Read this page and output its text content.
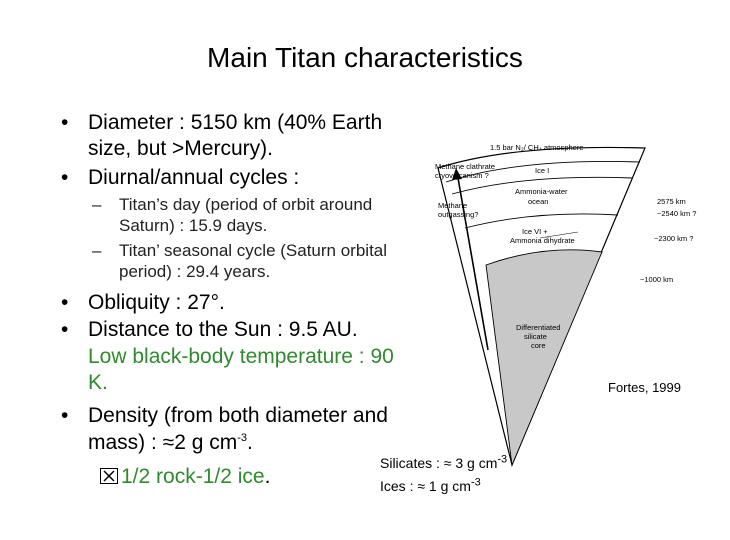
Main Titan characteristics
• Diameter : 5150 km (40% Earth
size, but >Mercury).
• Diurnal/annual cycles :
– Titan’s day (period of orbit around
Saturn) : 15.9 days.
– Titan’ seasonal cycle (Saturn orbital
period) : 29.4 years.
• Obliquity : 27°.
• Distance to the Sun : 9.5 AU.
Low black-body temperature : 90
K.
• Density (from both diameter and
mass) : ≈2 g $cm^{-3}$.
1/2 rock-1/2 ice.
Silicates : ≈ 3 g $cm^{-3}$
Ices : ≈ 1 g $cm^{-3}$
1.5 bar N₂/ CH₄ atmosphere
Methane clathrate
cryovolcanism ?
Ice I
Ammonia-water
ocean
Methane
outgassing?
Ice VI +
Ammonia dihydrate
Differentiated
silicate
core
2575 km
~2540 km ?
~2300 km ?
~1000 km
Fortes, 1999
